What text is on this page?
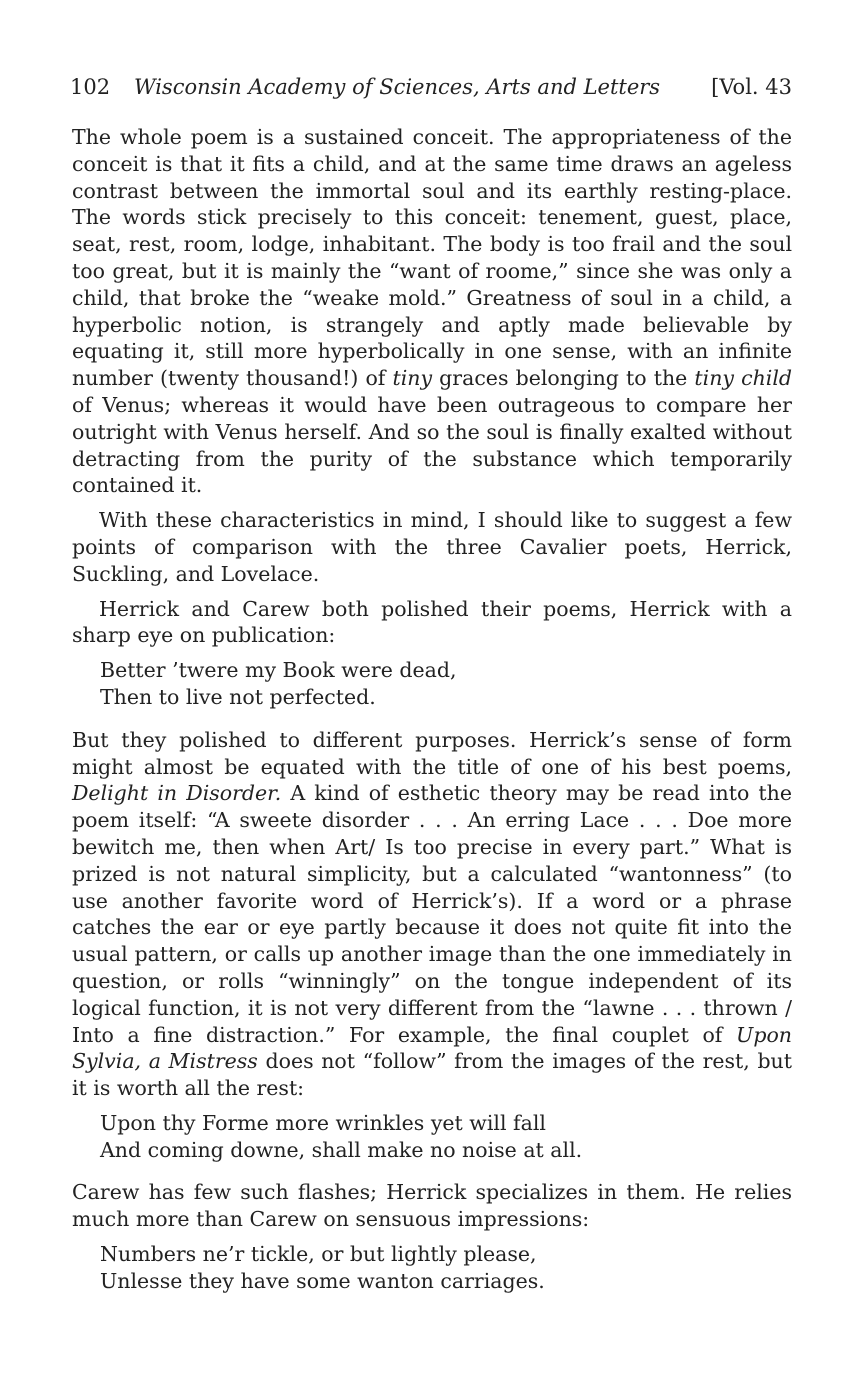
102 Wisconsin Academy of Sciences, Arts and Letters [Vol. 43

The whole poem is a sustained conceit. The appropriateness of the conceit is that it fits a child, and at the same time draws an ageless contrast between the immortal soul and its earthly resting-place. The words stick precisely to this conceit: tenement, guest, place, seat, rest, room, lodge, inhabitant. The body is too frail and the soul too great, but it is mainly the “want of roome,” since she was only a child, that broke the “weake mold.” Greatness of soul in a child, a hyperbolic notion, is strangely and aptly made believable by equating it, still more hyperbolically in one sense, with an infinite number (twenty thousand!) of tiny graces belonging to the tiny child of Venus; whereas it would have been outrageous to compare her outright with Venus herself. And so the soul is finally exalted without detracting from the purity of the substance which temporarily contained it.

With these characteristics in mind, I should like to suggest a few points of comparison with the three Cavalier poets, Herrick, Suckling, and Lovelace.

Herrick and Carew both polished their poems, Herrick with a sharp eye on publication:

Better ’twere my Book were dead,
Then to live not perfected.

But they polished to different purposes. Herrick’s sense of form might almost be equated with the title of one of his best poems, Delight in Disorder. A kind of esthetic theory may be read into the poem itself: “A sweete disorder . . . An erring Lace . . . Doe more bewitch me, then when Art/ Is too precise in every part.” What is prized is not natural simplicity, but a calculated “wantonness” (to use another favorite word of Herrick’s). If a word or a phrase catches the ear or eye partly because it does not quite fit into the usual pattern, or calls up another image than the one immediately in question, or rolls “winningly” on the tongue independent of its logical function, it is not very different from the “lawne . . . thrown / Into a fine distraction.” For example, the final couplet of Upon Sylvia, a Mistress does not “follow” from the images of the rest, but it is worth all the rest:

Upon thy Forme more wrinkles yet will fall
And coming downe, shall make no noise at all.

Carew has few such flashes; Herrick specializes in them. He relies much more than Carew on sensuous impressions:

Numbers ne’r tickle, or but lightly please,
Unlesse they have some wanton carriages.
